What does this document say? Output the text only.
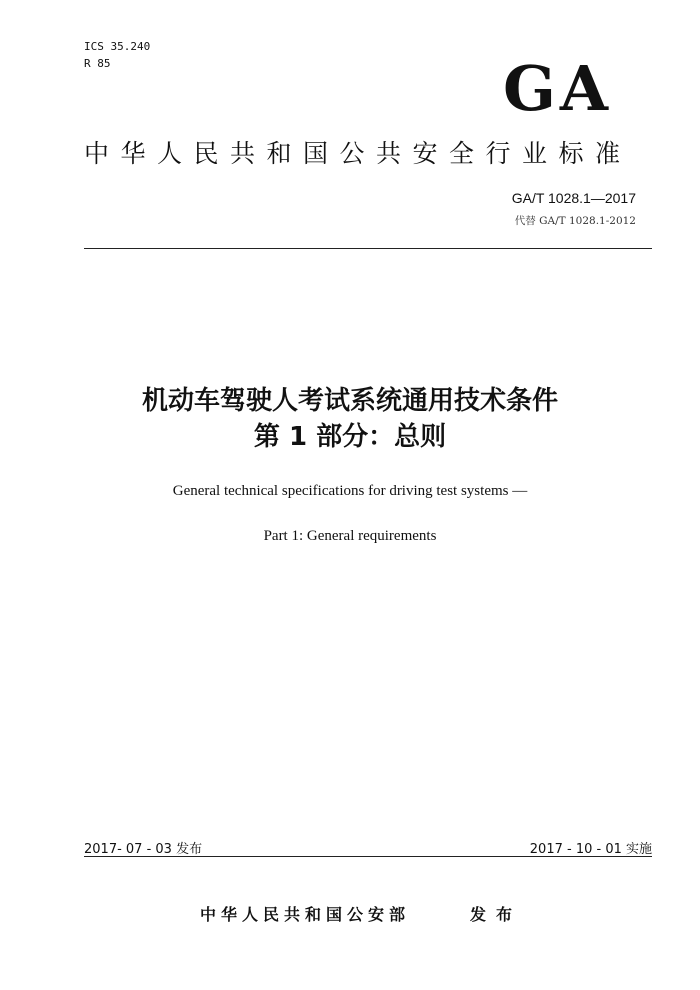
ICS 35.240
R 85	GA
中华人民共和国公共安全行业标准
GA/T 1028.1—2017
代替 GA/T 1028.1-2012
机动车驾驶人考试系统通用技术条件
第 1 部分：总则
General technical specifications for driving test systems —
Part 1: General requirements
2017- 07 - 03 发布	2017 - 10 - 01 实施
中华人民共和国公安部	发布
